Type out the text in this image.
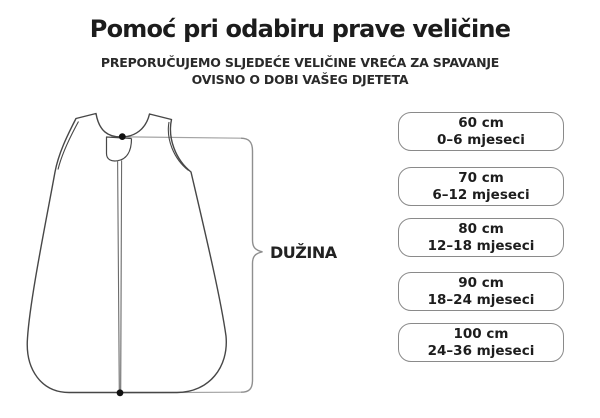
Pomoć pri odabiru prave veličine
PREPORUČUJEMO SLJEDEĆE VELIČINE VREĆA ZA SPAVANJE
OVISNO O DOBI VAŠEG DJETETA
DUŽINA
60 cm
0–6 mjeseci
70 cm
6–12 mjeseci
80 cm
12–18 mjeseci
90 cm
18–24 mjeseci
100 cm
24–36 mjeseci
